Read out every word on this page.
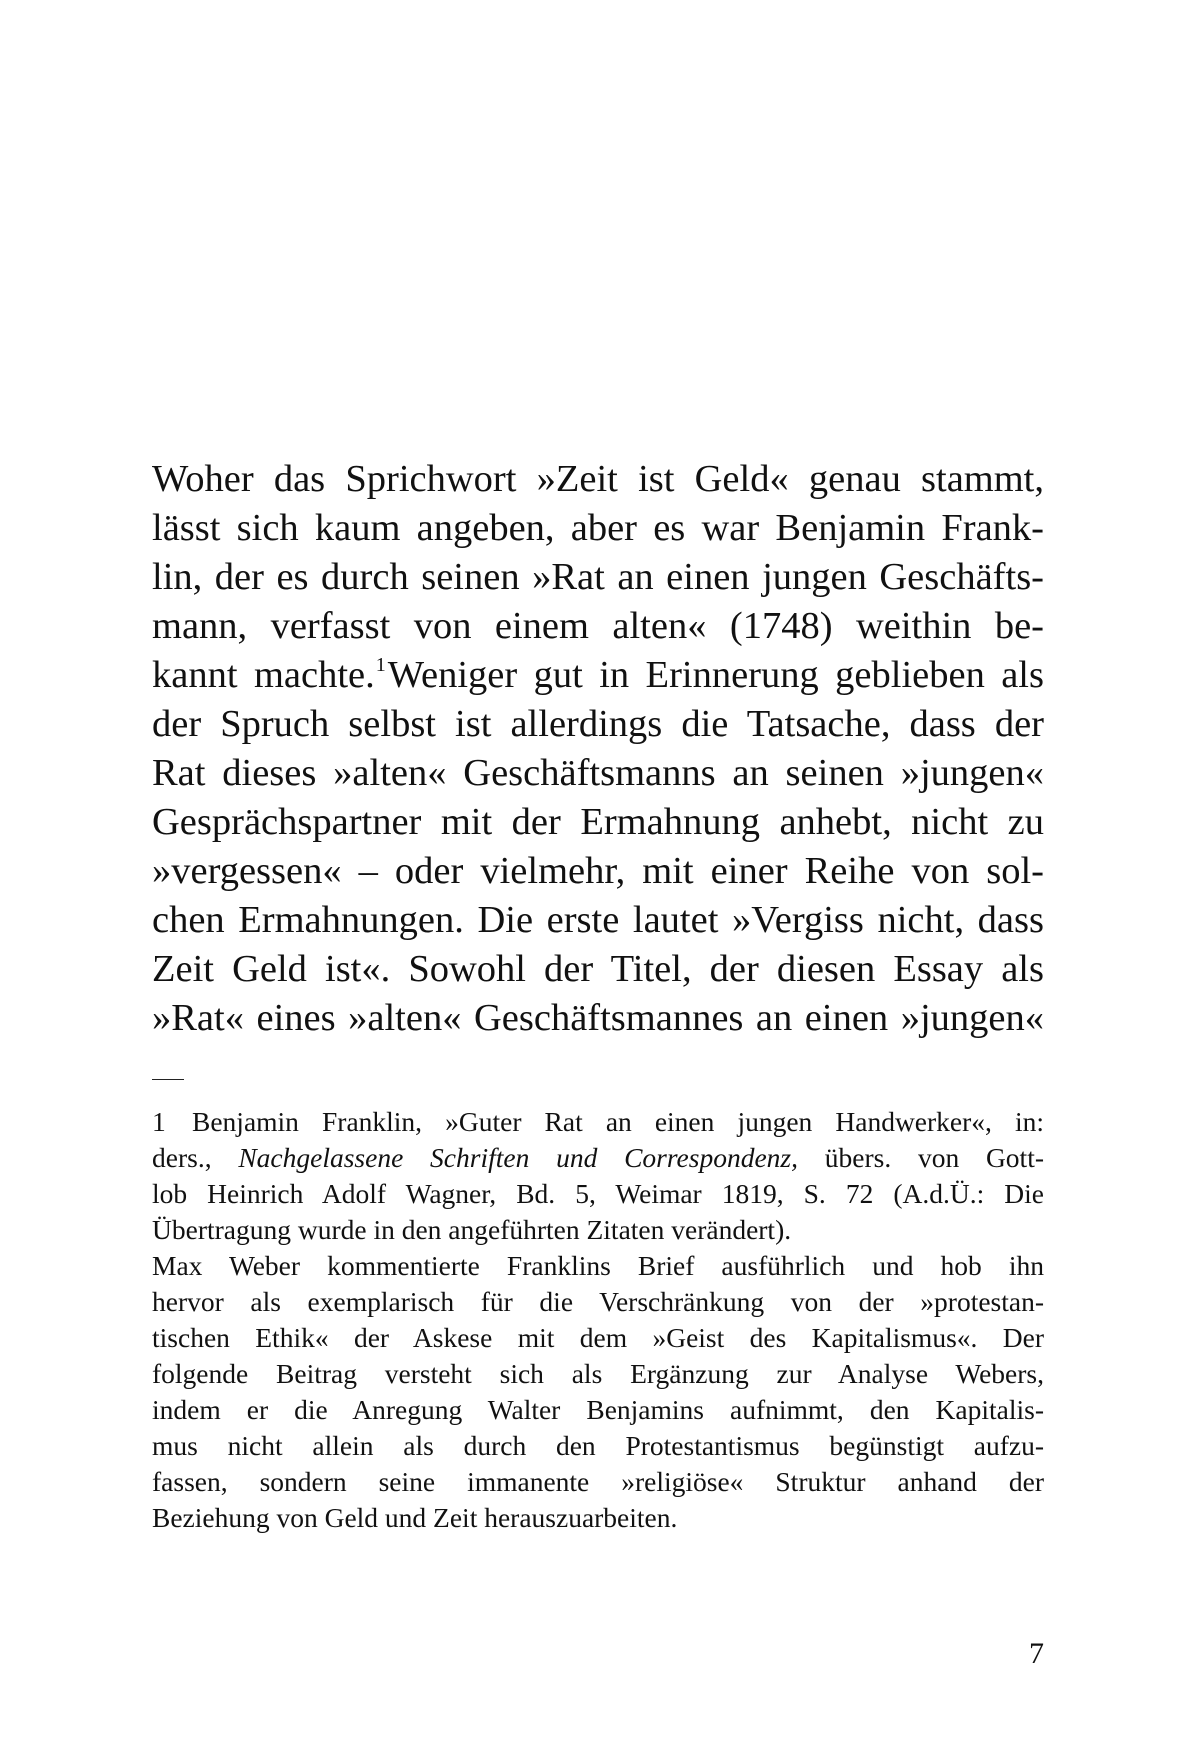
Woher das Sprichwort »Zeit ist Geld« genau stammt,
lässt sich kaum angeben, aber es war Benjamin Frank-
lin, der es durch seinen »Rat an einen jungen Geschäfts-
mann, verfasst von einem alten« (1748) weithin be-
kannt machte.$^1$Weniger gut in Erinnerung geblieben als
der Spruch selbst ist allerdings die Tatsache, dass der
Rat dieses »alten« Geschäftsmanns an seinen »jungen«
Gesprächspartner mit der Ermahnung anhebt, nicht zu
»vergessen« – oder vielmehr, mit einer Reihe von sol-
chen Ermahnungen. Die erste lautet »Vergiss nicht, dass
Zeit Geld ist«. Sowohl der Titel, der diesen Essay als
»Rat« eines »alten« Geschäftsmannes an einen »jungen«
1 Benjamin Franklin, »Guter Rat an einen jungen Handwerker«, in:
ders., Nachgelassene Schriften und Correspondenz, übers. von Gott-
lob Heinrich Adolf Wagner, Bd. 5, Weimar 1819, S. 72 (A.d.Ü.: Die
Übertragung wurde in den angeführten Zitaten verändert).
Max Weber kommentierte Franklins Brief ausführlich und hob ihn
hervor als exemplarisch für die Verschränkung von der »protestan-
tischen Ethik« der Askese mit dem »Geist des Kapitalismus«. Der
folgende Beitrag versteht sich als Ergänzung zur Analyse Webers,
indem er die Anregung Walter Benjamins aufnimmt, den Kapitalis-
mus nicht allein als durch den Protestantismus begünstigt aufzu-
fassen, sondern seine immanente »religiöse« Struktur anhand der
Beziehung von Geld und Zeit herauszuarbeiten.
7
